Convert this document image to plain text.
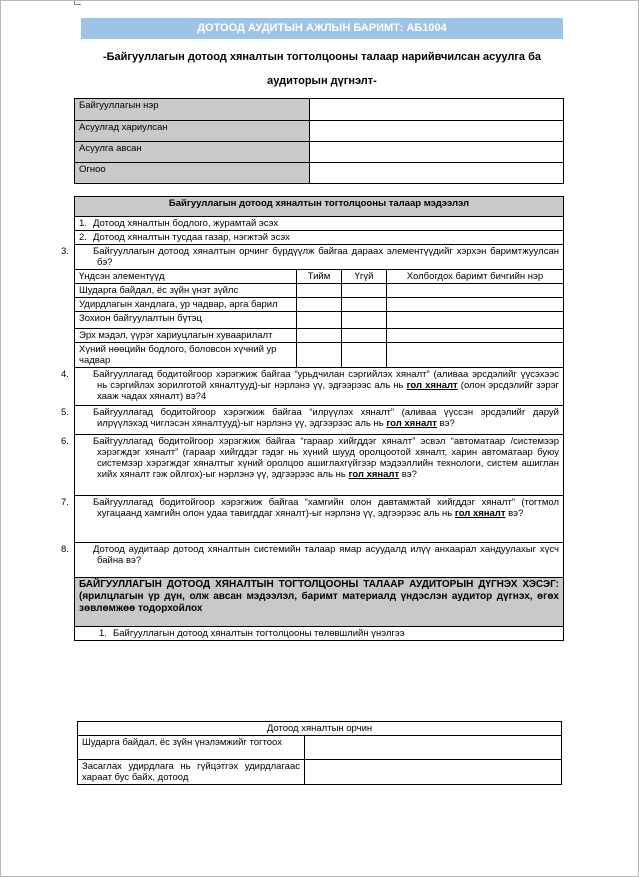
ДОТООД АУДИТЫН АЖЛЫН БАРИМТ: АБ1004
-Байгууллагын дотоод хяналтын тогтолцооны талаар нарийвчилсан асуулга ба
аудиторын дүгнэлт-
Байгууллагын нэр	
Асуулгад хариулсан	
Асуулга авсан	
Огноо	
Байгууллагын дотоод хяналтын тогтолцооны талаар мэдээлэл			
1. Дотоод хяналтын бодлого, журамтай эсэх			
2. Дотоод хяналтын тусдаа газар, нэгжтэй эсэх			
3. Байгууллагын дотоод хяналтын орчинг бүрдүүлж байгаа дараах элементүүдийг хэрхэн баримтжуулсан бэ?			
Үндсэн элементүүд	Тийм	Үгүй	Холбогдох баримт бичгийн нэр
Шударга байдал, ёс зүйн үнэт зүйлс			
Удирдлагын хандлага, ур чадвар, арга барил			
Зохион байгуулалтын бүтэц			
Эрх мэдэл, үүрэг хариуцлагын хуваарилалт			
Хүний нөөцийн бодлого, боловсон хүчний ур чадвар			
4. Байгууллагад бодитойгоор хэрэгжиж байгаа “урьдчилан сэргийлэх хяналт” (аливаа эрсдэлийг үүсэхээс нь сэргийлэх зорилготой хяналтууд)-ыг нэрлэнэ үү, эдгээрээс аль нь гол хяналт (олон эрсдэлийг зэрэг хааж чадах хяналт) вэ?4			
5. Байгууллагад бодитойгоор хэрэгжиж байгаа “илрүүлэх хяналт” (аливаа үүссэн эрсдэлийг даруй илрүүлэхэд чиглэсэн хяналтууд)-ыг нэрлэнэ үү, эдгээрээс аль нь гол хяналт вэ?			
6. Байгууллагад бодитойгоор хэрэгжиж байгаа “гараар хийгддэг хяналт” эсвэл “автоматаар /системээр хэрэгждэг хяналт” (гараар хийгддэг гэдэг нь хүний шууд оролцоотой хяналт, харин автоматаар буюу системээр хэрэгждэг хяналтыг хүний оролцоо ашиглахгүйгээр мэдээллийн технологи, систем ашиглан хийх хяналт гэж ойлгох)-ыг нэрлэнэ үү, эдгээрээс аль нь гол хяналт вэ?			
7. Байгууллагад бодитойгоор хэрэгжиж байгаа “хамгийн олон давтамжтай хийгддэг хяналт” (тогтмол хугацаанд хамгийн олон удаа тавигддаг хяналт)-ыг нэрлэнэ үү, эдгээрээс аль нь гол хяналт вэ?			
8. Дотоод аудитаар дотоод хяналтын системийн талаар ямар асуудалд илүү анхаарал хандуулахыг хүсч байна вэ?			
БАЙГУУЛЛАГЫН ДОТООД ХЯНАЛТЫН ТОГТОЛЦООНЫ ТАЛААР АУДИТОРЫН ДҮГНЭХ ХЭСЭГ: (ярилцлагын үр дүн, олж авсан мэдээлэл, баримт материалд үндэслэн аудитор дүгнэх, өгөх зөвлөмжөө тодорхойлох			
1. Байгууллагын дотоод хяналтын тогтолцооны төлөвшлийн үнэлгээ			
Дотоод хяналтын орчин	
Шударга байдал, ёс зүйн үнэлэмжийг тогтоох	
Засаглах удирдлага нь гүйцэтгэх удирдлагаас хараат бус байх, дотоод	
